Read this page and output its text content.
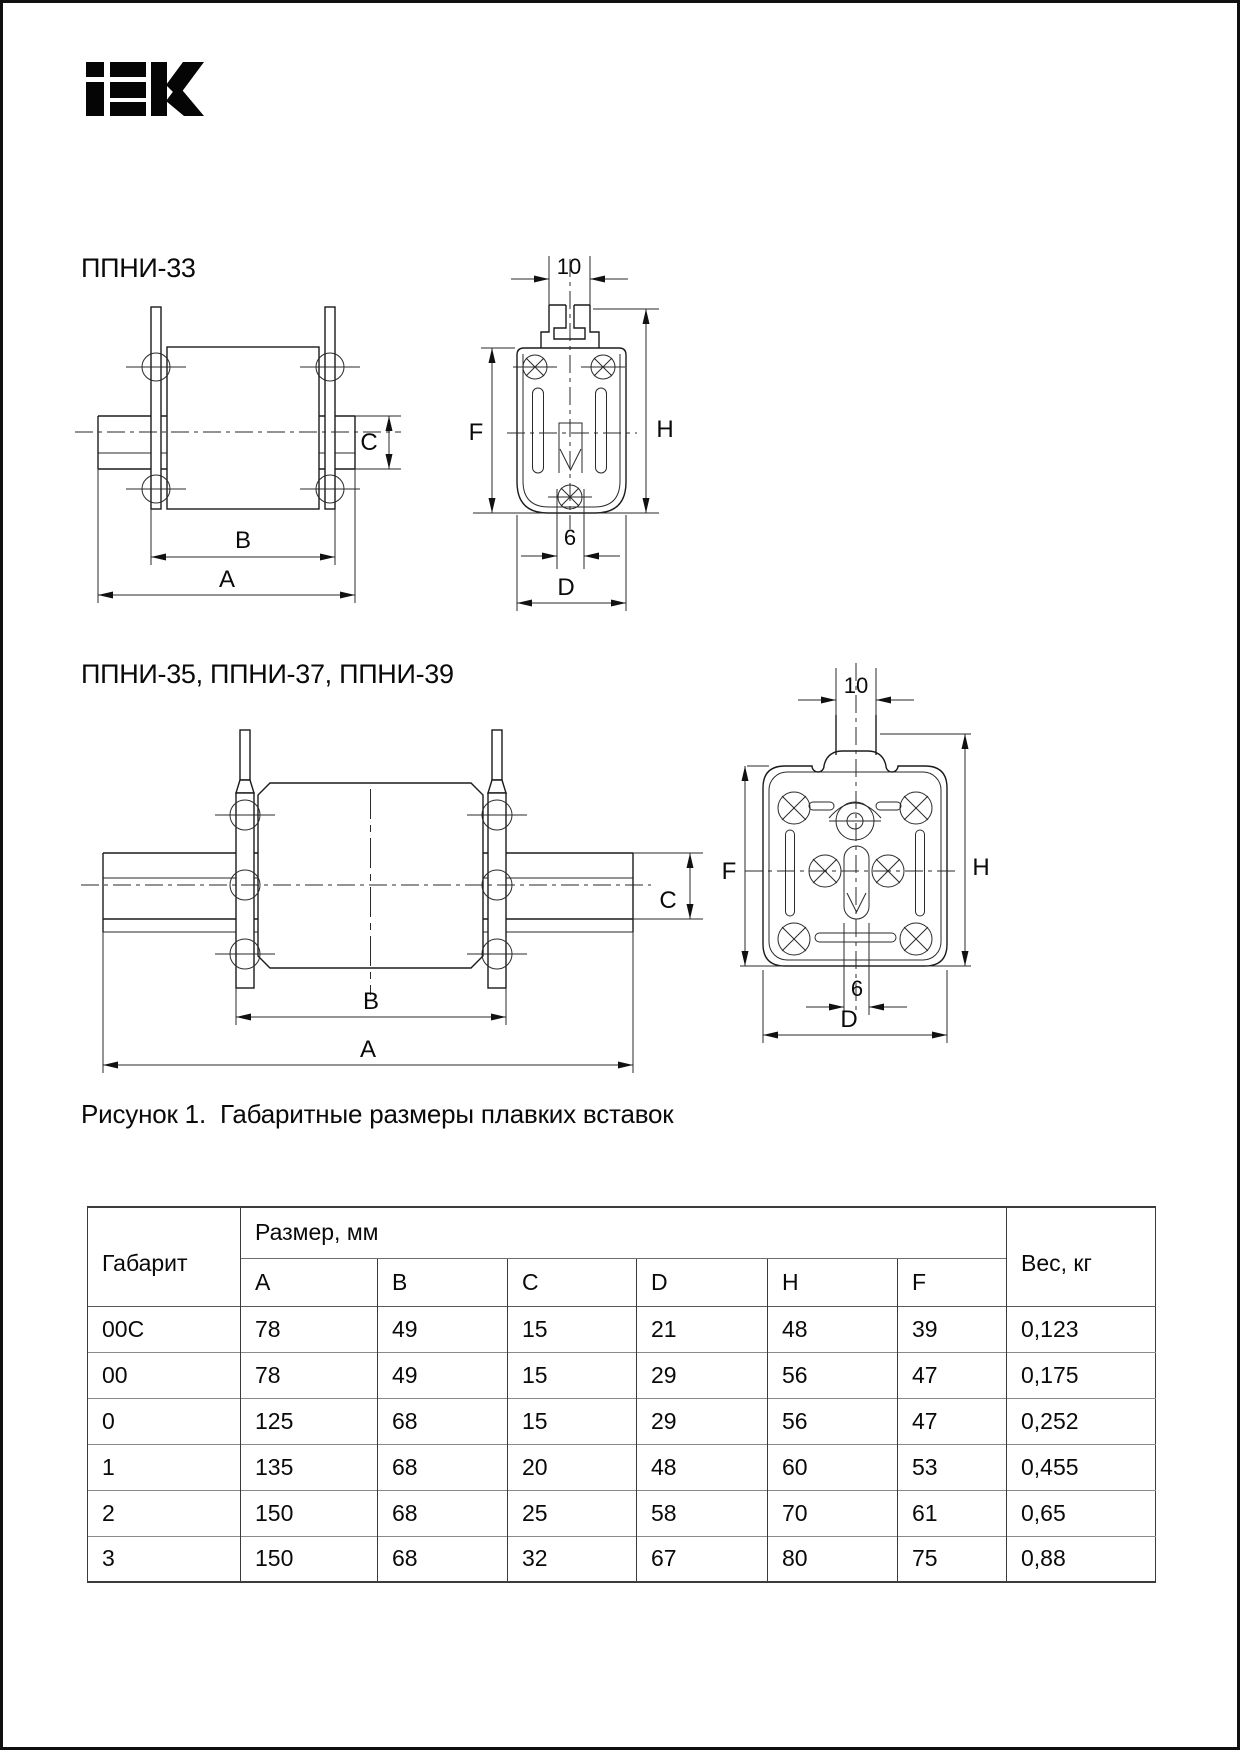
C
B
A
10
F	H
6
D
C
B
A
10
F	H
6
D
ППНИ-33
ППНИ-35, ППНИ-37, ППНИ-39
Рисунок 1. Габаритные размеры плавких вставок
Габарит	Размер, мм						Вес, кг
	A	B	C	D	H	F	
00C	78	49	15	21	48	39	0,123
00	78	49	15	29	56	47	0,175
0	125	68	15	29	56	47	0,252
1	135	68	20	48	60	53	0,455
2	150	68	25	58	70	61	0,65
3	150	68	32	67	80	75	0,88
